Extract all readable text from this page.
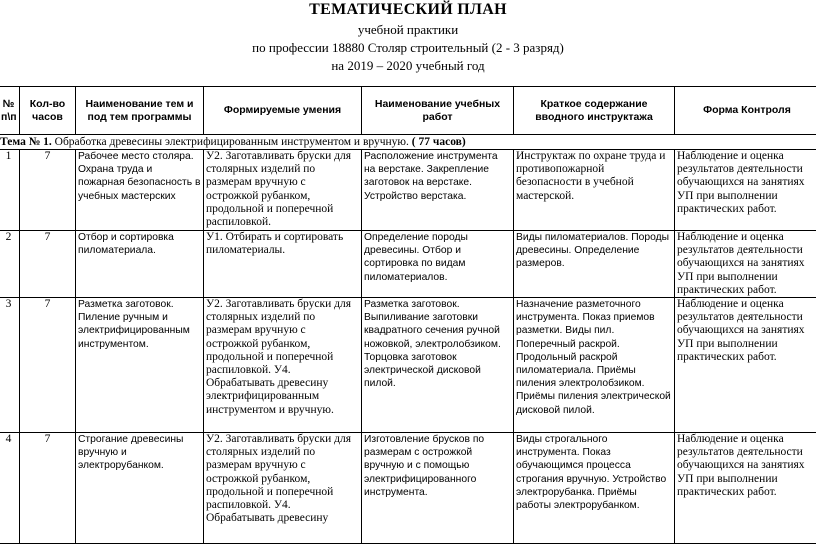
ТЕМАТИЧЕСКИЙ ПЛАН
учебной практики
по профессии 18880 Столяр строительный (2 - 3 разряд)
на 2019 – 2020 учебный год
№ п\п	Кол-во часов	Наименование тем и под тем программы	Формируемые умения	Наименование учебных работ	Краткое содержание вводного инструктажа	Форма Контроля
Тема № 1. Обработка древесины электрифицированным инструментом и вручную. ( 77 часов)						
1	7	Рабочее место столяра. Охрана труда и пожарная безопасность в учебных мастерских	У2. Заготавливать бруски для столярных изделий по размерам вручную с острожкой рубанком, продольной и поперечной распиловкой.	Расположение инструмента на верстаке. Закрепление заготовок на верстаке. Устройство верстака.	Инструктаж по охране труда и противопожарной безопасности в учебной мастерской.	Наблюдение и оценка результатов деятельности обучающихся на занятиях УП при выполнении практических работ.
2	7	Отбор и сортировка пиломатериала.	У1. Отбирать и сортировать пиломатериалы.	Определение породы древесины. Отбор и сортировка по видам пиломатериалов.	Виды пиломатериалов. Породы древесины. Определение размеров.	Наблюдение и оценка результатов деятельности обучающихся на занятиях УП при выполнении практических работ.
3	7	Разметка заготовок. Пиление ручным и электрифицированным инструментом.	У2. Заготавливать бруски для столярных изделий по размерам вручную с острожкой рубанком, продольной и поперечной распиловкой. У4. Обрабатывать древесину электрифицированным инструментом и вручную.	Разметка заготовок. Выпиливание заготовки квадратного сечения ручной ножовкой, электролобзиком. Торцовка заготовок электрической дисковой пилой.	Назначение разметочного инструмента. Показ приемов разметки. Виды пил. Поперечный раскрой. Продольный раскрой пиломатериала. Приёмы пиления электролобзиком. Приёмы пиления электрической дисковой пилой.	Наблюдение и оценка результатов деятельности обучающихся на занятиях УП при выполнении практических работ.
4	7	Строгание древесины вручную и электрорубанком.	У2. Заготавливать бруски для столярных изделий по размерам вручную с острожкой рубанком, продольной и поперечной распиловкой. У4. Обрабатывать древесину	Изготовление брусков по размерам с острожкой вручную и с помощью электрифицированного инструмента.	Виды строгального инструмента. Показ обучающимся процесса строгания вручную. Устройство электрорубанка. Приёмы работы электрорубанком.	Наблюдение и оценка результатов деятельности обучающихся на занятиях УП при выполнении практических работ.
